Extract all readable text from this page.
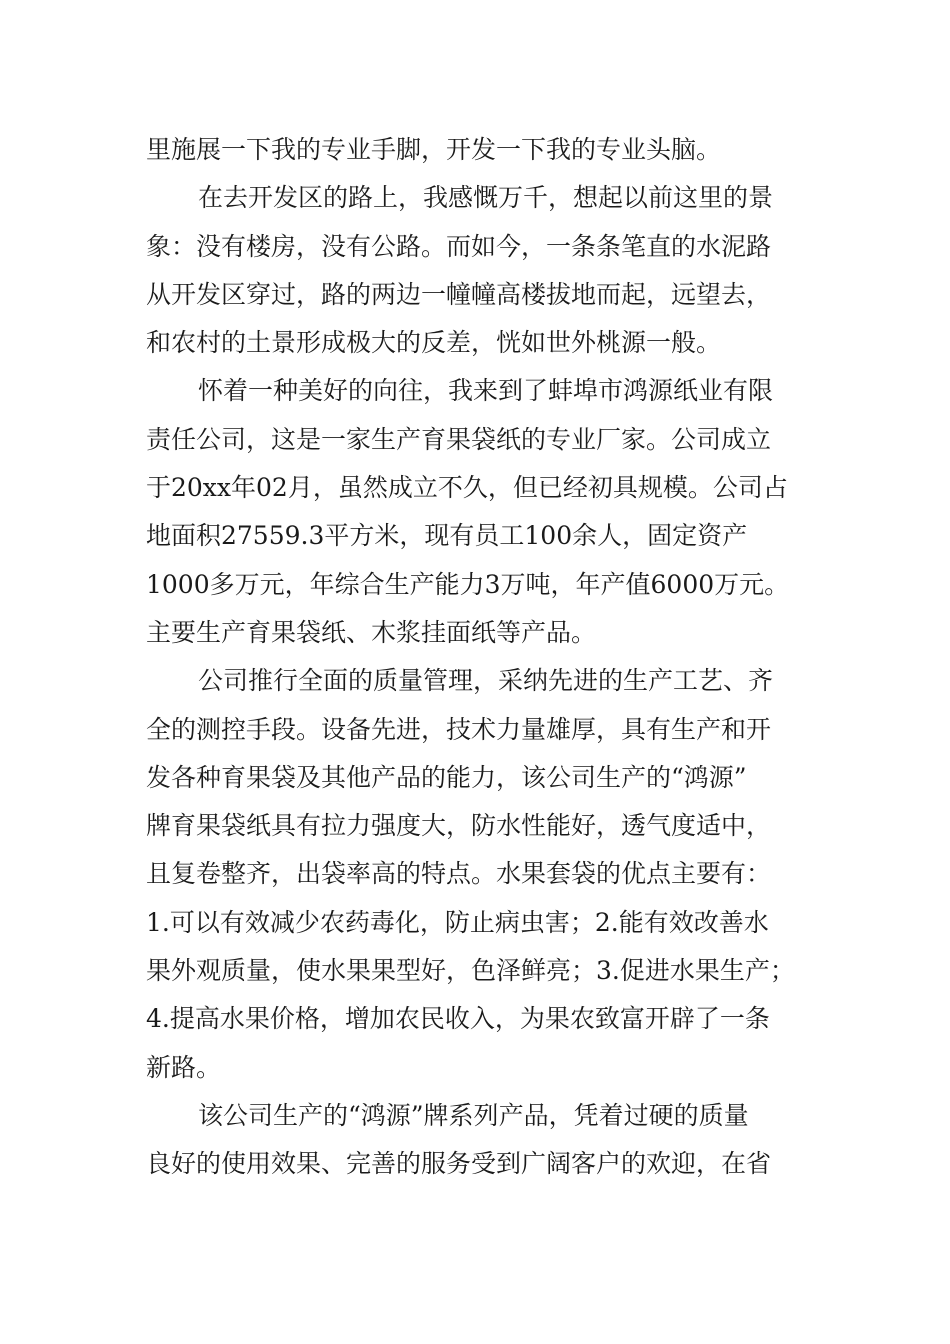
里施展一下我的专业手脚，开发一下我的专业头脑。
在去开发区的路上，我感慨万千，想起以前这里的景
象：没有楼房，没有公路。而如今，一条条笔直的水泥路
从开发区穿过，路的两边一幢幢高楼拔地而起，远望去，
和农村的土景形成极大的反差，恍如世外桃源一般。
怀着一种美好的向往，我来到了蚌埠市鸿源纸业有限
责任公司，这是一家生产育果袋纸的专业厂家。公司成立
于20xx年02月，虽然成立不久，但已经初具规模。公司占
地面积27559.3平方米，现有员工100余人，固定资产
1000多万元，年综合生产能力3万吨，年产值6000万元。
主要生产育果袋纸、木浆挂面纸等产品。
公司推行全面的质量管理，采纳先进的生产工艺、齐
全的测控手段。设备先进，技术力量雄厚，具有生产和开
发各种育果袋及其他产品的能力，该公司生产的“鸿源”
牌育果袋纸具有拉力强度大，防水性能好，透气度适中，
且复卷整齐，出袋率高的特点。水果套袋的优点主要有：
1.可以有效减少农药毒化，防止病虫害；2.能有效改善水
果外观质量，使水果果型好，色泽鲜亮；3.促进水果生产；
4.提高水果价格，增加农民收入，为果农致富开辟了一条
新路。
该公司生产的“鸿源”牌系列产品，凭着过硬的质量
良好的使用效果、完善的服务受到广阔客户的欢迎，在省
